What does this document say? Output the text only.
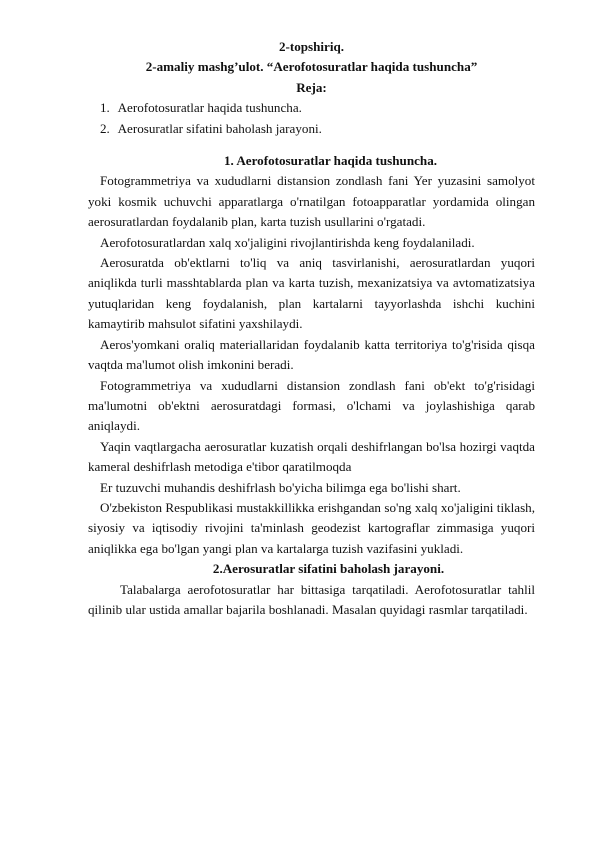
2-topshiriq.
2-amaliy mashg’ulot. “Aerofotosuratlar haqida tushuncha”
Reja:
1. Aerofotosuratlar haqida tushuncha.
2. Aerosuratlar sifatini baholash jarayoni.
1. Aerofotosuratlar haqida tushuncha.

Fotogrammetriya va xududlarni distansion zondlash fani Yer yuzasini samolyot yoki kosmik uchuvchi apparatlarga o'rnatilgan fotoapparatlar yordamida olingan aerosuratlardan foydalanib plan, karta tuzish usullarini o'rgatadi.

Aerofotosuratlardan xalq xo'jaligini rivojlantirishda keng foydalaniladi.

Aerosuratda ob'ektlarni to'liq va aniq tasvirlanishi, aerosuratlardan yuqori aniqlikda turli masshtablarda plan va karta tuzish, mexanizatsiya va avtomatizatsiya yutuqlaridan keng foydalanish, plan kartalarni tayyorlashda ishchi kuchini kamaytirib mahsulot sifatini yaxshilaydi.

Aeros'yomkani oraliq materiallaridan foydalanib katta territoriya to'g'risida qisqa vaqtda ma'lumot olish imkonini beradi.

Fotogrammetriya va xududlarni distansion zondlash fani ob'ekt to'g'risidagi ma'lumotni ob'ektni aerosuratdagi formasi, o'lchami va joylashishiga qarab aniqlaydi.

Yaqin vaqtlargacha aerosuratlar kuzatish orqali deshifrlangan bo'lsa hozirgi vaqtda kameral deshifrlash metodiga e'tibor qaratilmoqda

Er tuzuvchi muhandis deshifrlash bo'yicha bilimga ega bo'lishi shart.

O'zbekiston Respublikasi mustakkillikka erishgandan so'ng xalq xo'jaligini tiklash, siyosiy va iqtisodiy rivojini ta'minlash geodezist kartograflar zimmasiga yuqori aniqlikka ega bo'lgan yangi plan va kartalarga tuzish vazifasini yukladi.

2.Aerosuratlar sifatini baholash jarayoni.

Talabalarga aerofotosuratlar har bittasiga tarqatiladi. Aerofotosuratlar tahlil qilinib ular ustida amallar bajarila boshlanadi. Masalan quyidagi rasmlar tarqatiladi.
